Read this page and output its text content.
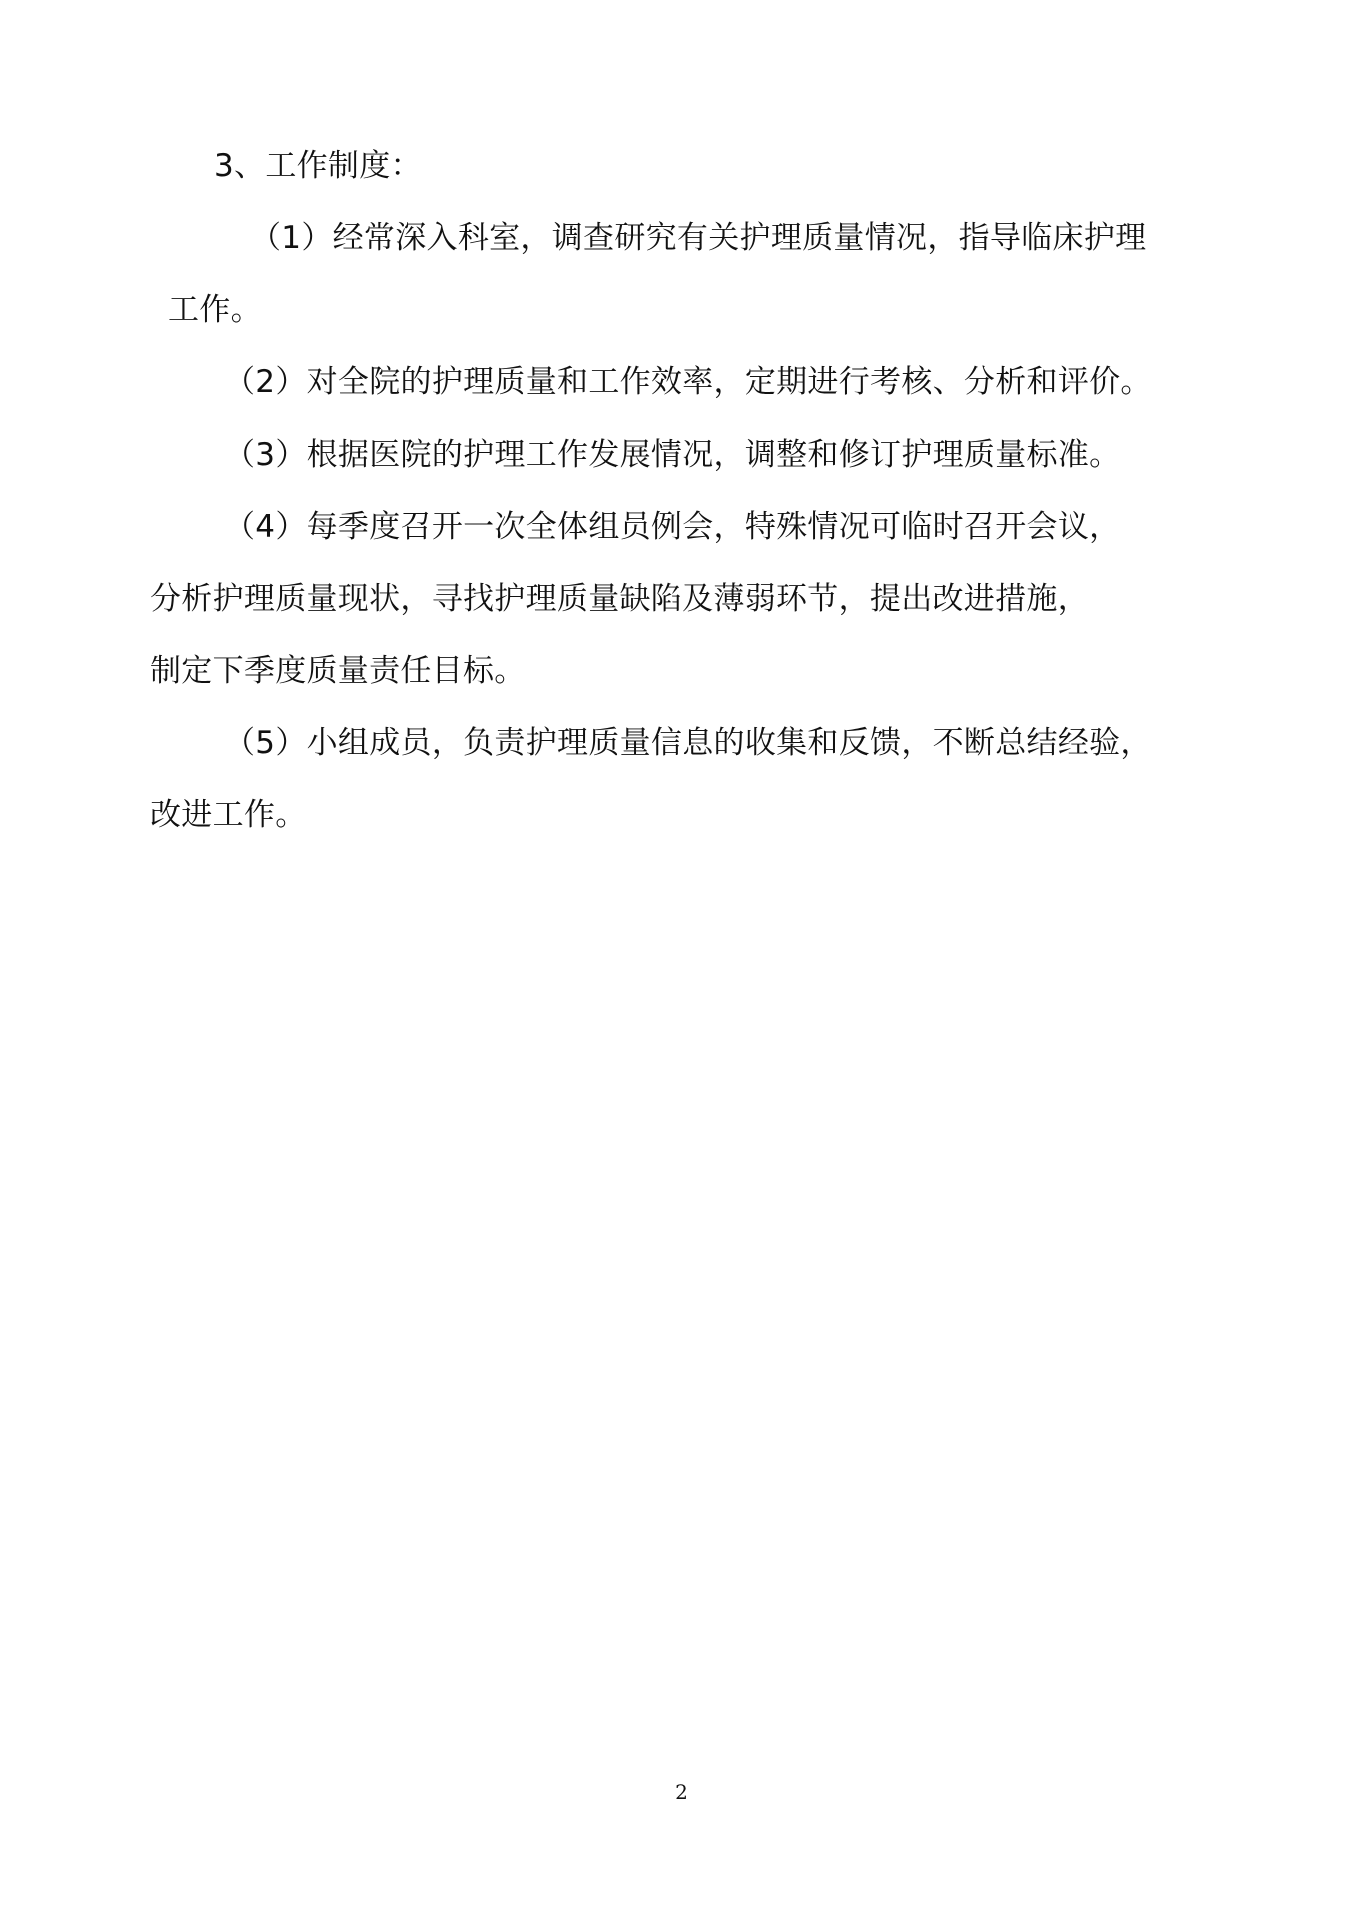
3、工作制度：
（1）经常深入科室，调查研究有关护理质量情况，指导临床护理
工作。
（2）对全院的护理质量和工作效率，定期进行考核、分析和评价。
（3）根据医院的护理工作发展情况，调整和修订护理质量标准。
（4）每季度召开一次全体组员例会，特殊情况可临时召开会议，
分析护理质量现状，寻找护理质量缺陷及薄弱环节，提出改进措施，
制定下季度质量责任目标。
（5）小组成员，负责护理质量信息的收集和反馈，不断总结经验，
改进工作。
2
